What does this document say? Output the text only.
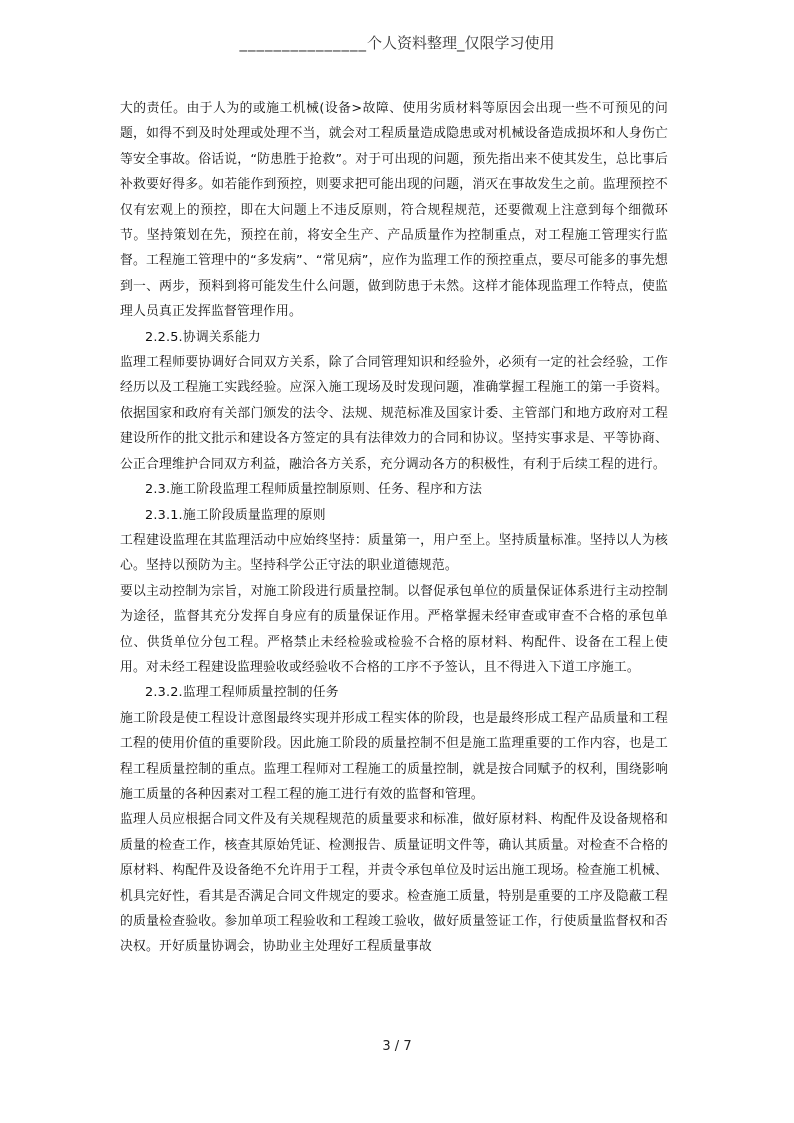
_______________个人资料整理_仅限学习使用

大的责任。由于人为的或施工机械(设备>故障、使用劣质材料等原因会出现一些不可预见的问题，如得不到及时处理或处理不当，就会对工程质量造成隐患或对机械设备造成损坏和人身伤亡等安全事故。俗话说，“防患胜于抢救”。对于可出现的问题，预先指出来不使其发生，总比事后补救要好得多。如若能作到预控，则要求把可能出现的问题，消灭在事故发生之前。监理预控不仅有宏观上的预控，即在大问题上不违反原则，符合规程规范，还要微观上注意到每个细微环节。坚持策划在先，预控在前，将安全生产、产品质量作为控制重点，对工程施工管理实行监督。工程施工管理中的“多发病”、“常见病”，应作为监理工作的预控重点，要尽可能多的事先想到一、两步，预料到将可能发生什么问题，做到防患于未然。这样才能体现监理工作特点，使监理人员真正发挥监督管理作用。

2.2.5.协调关系能力

监理工程师要协调好合同双方关系，除了合同管理知识和经验外，必须有一定的社会经验，工作经历以及工程施工实践经验。应深入施工现场及时发现问题，准确掌握工程施工的第一手资料。依据国家和政府有关部门颁发的法令、法规、规范标准及国家计委、主管部门和地方政府对工程建设所作的批文批示和建设各方签定的具有法律效力的合同和协议。坚持实事求是、平等协商、公正合理维护合同双方利益，融洽各方关系，充分调动各方的积极性，有利于后续工程的进行。

2.3.施工阶段监理工程师质量控制原则、任务、程序和方法

2.3.1.施工阶段质量监理的原则

工程建设监理在其监理活动中应始终坚持：质量第一，用户至上。坚持质量标准。坚持以人为核心。坚持以预防为主。坚持科学公正守法的职业道德规范。

要以主动控制为宗旨，对施工阶段进行质量控制。以督促承包单位的质量保证体系进行主动控制为途径，监督其充分发挥自身应有的质量保证作用。严格掌握未经审查或审查不合格的承包单位、供货单位分包工程。严格禁止未经检验或检验不合格的原材料、构配件、设备在工程上使用。对未经工程建设监理验收或经验收不合格的工序不予签认，且不得进入下道工序施工。

2.3.2.监理工程师质量控制的任务

施工阶段是使工程设计意图最终实现并形成工程实体的阶段，也是最终形成工程产品质量和工程工程的使用价值的重要阶段。因此施工阶段的质量控制不但是施工监理重要的工作内容，也是工程工程质量控制的重点。监理工程师对工程施工的质量控制，就是按合同赋予的权利，围绕影响施工质量的各种因素对工程工程的施工进行有效的监督和管理。

监理人员应根据合同文件及有关规程规范的质量要求和标准，做好原材料、构配件及设备规格和质量的检查工作，核查其原始凭证、检测报告、质量证明文件等，确认其质量。对检查不合格的原材料、构配件及设备绝不允许用于工程，并责令承包单位及时运出施工现场。检查施工机械、机具完好性，看其是否满足合同文件规定的要求。检查施工质量，特别是重要的工序及隐蔽工程的质量检查验收。参加单项工程验收和工程竣工验收，做好质量签证工作，行使质量监督权和否决权。开好质量协调会，协助业主处理好工程质量事故

3 / 7
